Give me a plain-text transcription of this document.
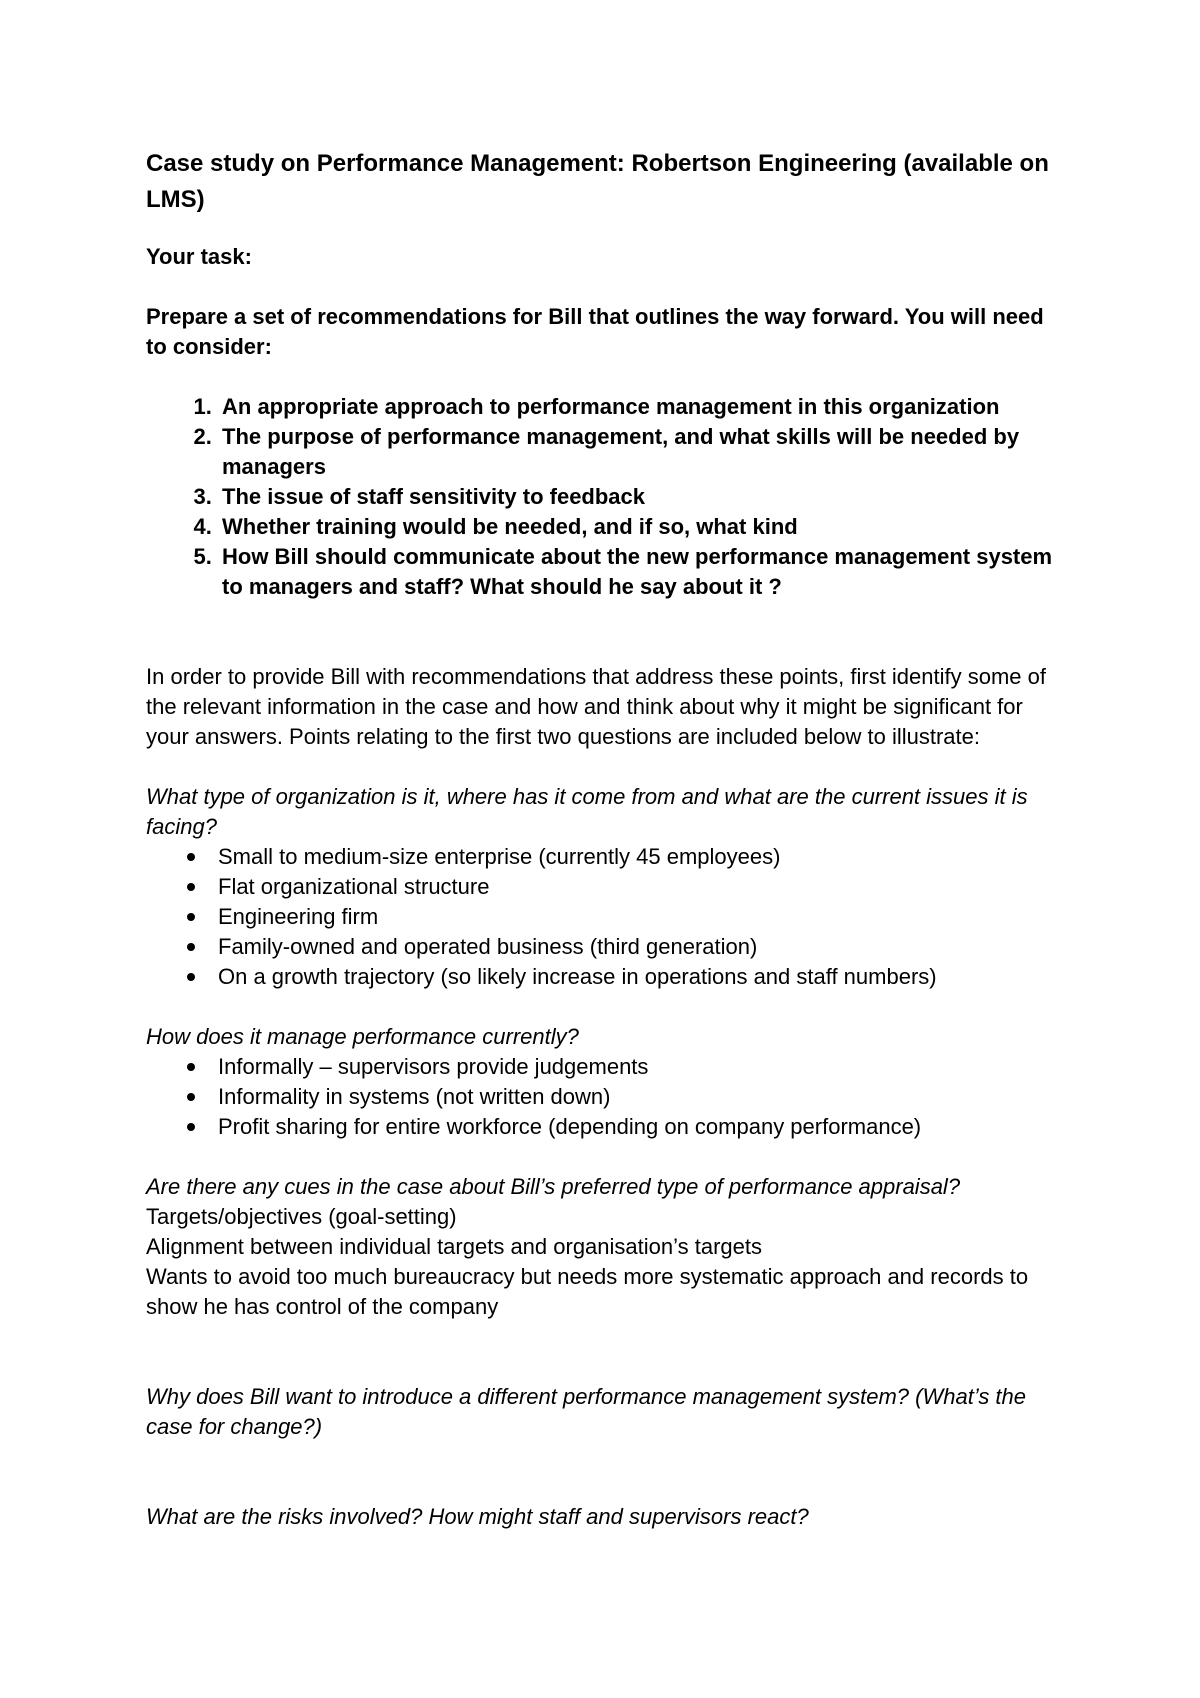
Case study on Performance Management: Robertson Engineering (available on LMS)
Your task:
Prepare a set of recommendations for Bill that outlines the way forward. You will need to consider:
1. An appropriate approach to performance management in this organization
2. The purpose of performance management, and what skills will be needed by managers
3. The issue of staff sensitivity to feedback
4. Whether training would be needed, and if so, what kind
5. How Bill should communicate about the new performance management system to managers and staff? What should he say about it ?
In order to provide Bill with recommendations that address these points, first identify some of the relevant information in the case and how and think about why it might be significant for your answers. Points relating to the first two questions are included below to illustrate:
What type of organization is it, where has it come from and what are the current issues it is facing?
Small to medium-size enterprise (currently 45 employees)
Flat organizational structure
Engineering firm
Family-owned and operated business (third generation)
On a growth trajectory (so likely increase in operations and staff numbers)
How does it manage performance currently?
Informally – supervisors provide judgements
Informality in systems (not written down)
Profit sharing for entire workforce (depending on company performance)
Are there any cues in the case about Bill’s preferred type of performance appraisal?
Targets/objectives (goal-setting)
Alignment between individual targets and organisation’s targets
Wants to avoid too much bureaucracy but needs more systematic approach and records to show he has control of the company
Why does Bill want to introduce a different performance management system? (What’s the case for change?)
What are the risks involved? How might staff and supervisors react?
